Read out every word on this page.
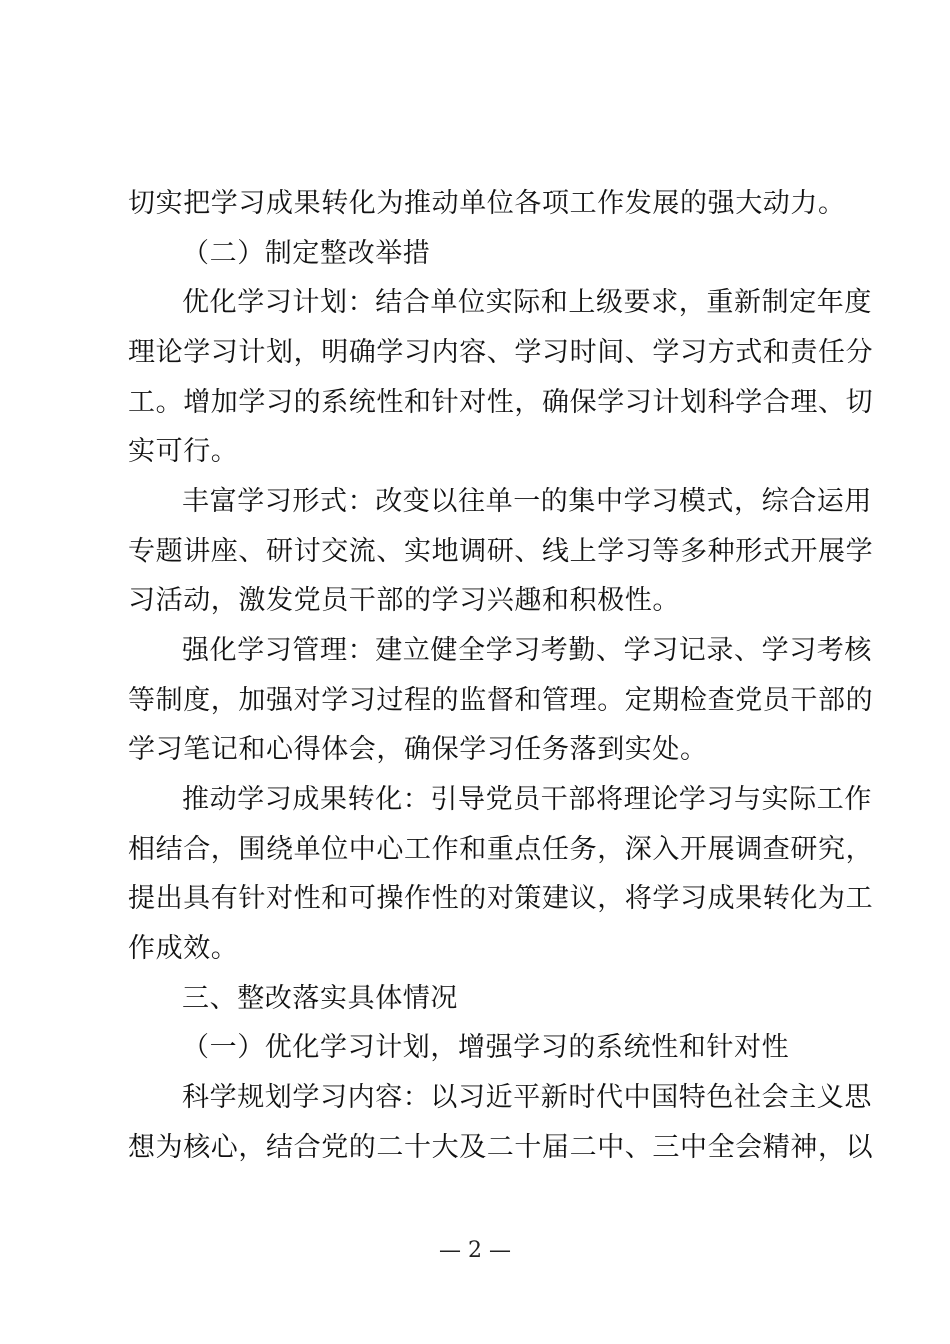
切实把学习成果转化为推动单位各项工作发展的强大动力。
（二）制定整改举措
优化学习计划：结合单位实际和上级要求，重新制定年度
理论学习计划，明确学习内容、学习时间、学习方式和责任分
工。增加学习的系统性和针对性，确保学习计划科学合理、切
实可行。
丰富学习形式：改变以往单一的集中学习模式，综合运用
专题讲座、研讨交流、实地调研、线上学习等多种形式开展学
习活动，激发党员干部的学习兴趣和积极性。
强化学习管理：建立健全学习考勤、学习记录、学习考核
等制度，加强对学习过程的监督和管理。定期检查党员干部的
学习笔记和心得体会，确保学习任务落到实处。
推动学习成果转化：引导党员干部将理论学习与实际工作
相结合，围绕单位中心工作和重点任务，深入开展调查研究，
提出具有针对性和可操作性的对策建议，将学习成果转化为工
作成效。
三、整改落实具体情况
（一）优化学习计划，增强学习的系统性和针对性
科学规划学习内容：以习近平新时代中国特色社会主义思
想为核心，结合党的二十大及二十届二中、三中全会精神，以
— 2 —
